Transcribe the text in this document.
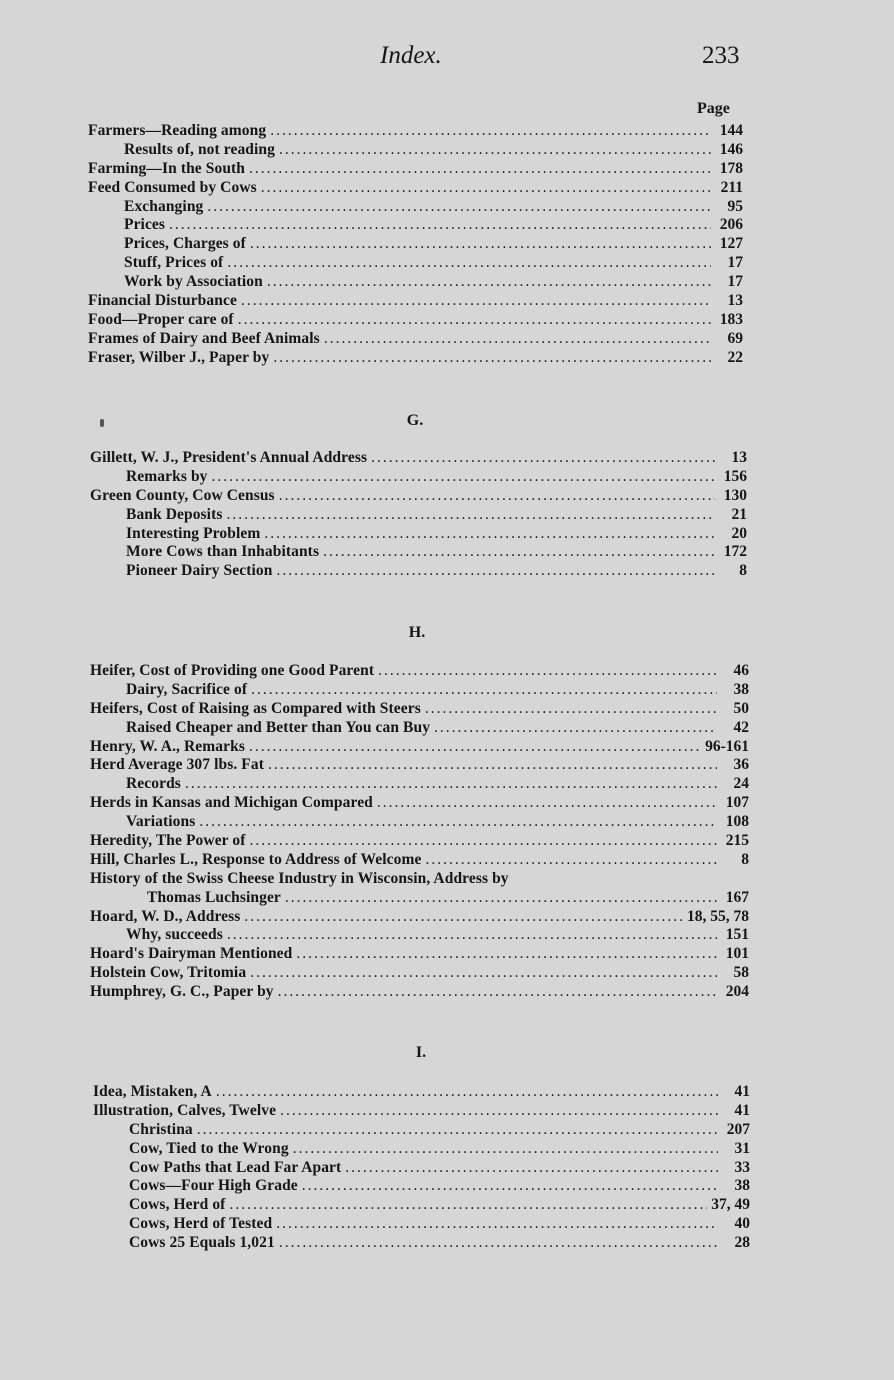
Index.	233
Page
Farmers—Reading among .....	144
Results of, not reading .....	146
Farming—In the South .....	178
Feed Consumed by Cows .....	211
Exchanging .....	95
Prices .....	206
Prices, Charges of .....	127
Stuff, Prices of .....	17
Work by Association .....	17
Financial Disturbance .....	13
Food—Proper care of .....	183
Frames of Dairy and Beef Animals .....	69
Fraser, Wilber J., Paper by .....	22
G.
Gillett, W. J., President's Annual Address .....	13
Remarks by .....	156
Green County, Cow Census .....	130
Bank Deposits .....	21
Interesting Problem .....	20
More Cows than Inhabitants .....	172
Pioneer Dairy Section .....	8
H.
Heifer, Cost of Providing one Good Parent .....	46
Dairy, Sacrifice of .....	38
Heifers, Cost of Raising as Compared with Steers .....	50
Raised Cheaper and Better than You can Buy .....	42
Henry, W. A., Remarks .....	96-161
Herd Average 307 lbs. Fat .....	36
Records .....	24
Herds in Kansas and Michigan Compared .....	107
Variations .....	108
Heredity, The Power of .....	215
Hill, Charles L., Response to Address of Welcome .....	8
History of the Swiss Cheese Industry in Wisconsin, Address by
Thomas Luchsinger .....	167
Hoard, W. D., Address .....	18, 55, 78
Why, succeeds .....	151
Hoard's Dairyman Mentioned .....	101
Holstein Cow, Tritomia .....	58
Humphrey, G. C., Paper by .....	204
I.
Idea, Mistaken, A .....	41
Illustration, Calves, Twelve .....	41
Christina .....	207
Cow, Tied to the Wrong .....	31
Cow Paths that Lead Far Apart .....	33
Cows—Four High Grade .....	38
Cows, Herd of .....	37, 49
Cows, Herd of Tested .....	40
Cows 25 Equals 1,021 .....	28
